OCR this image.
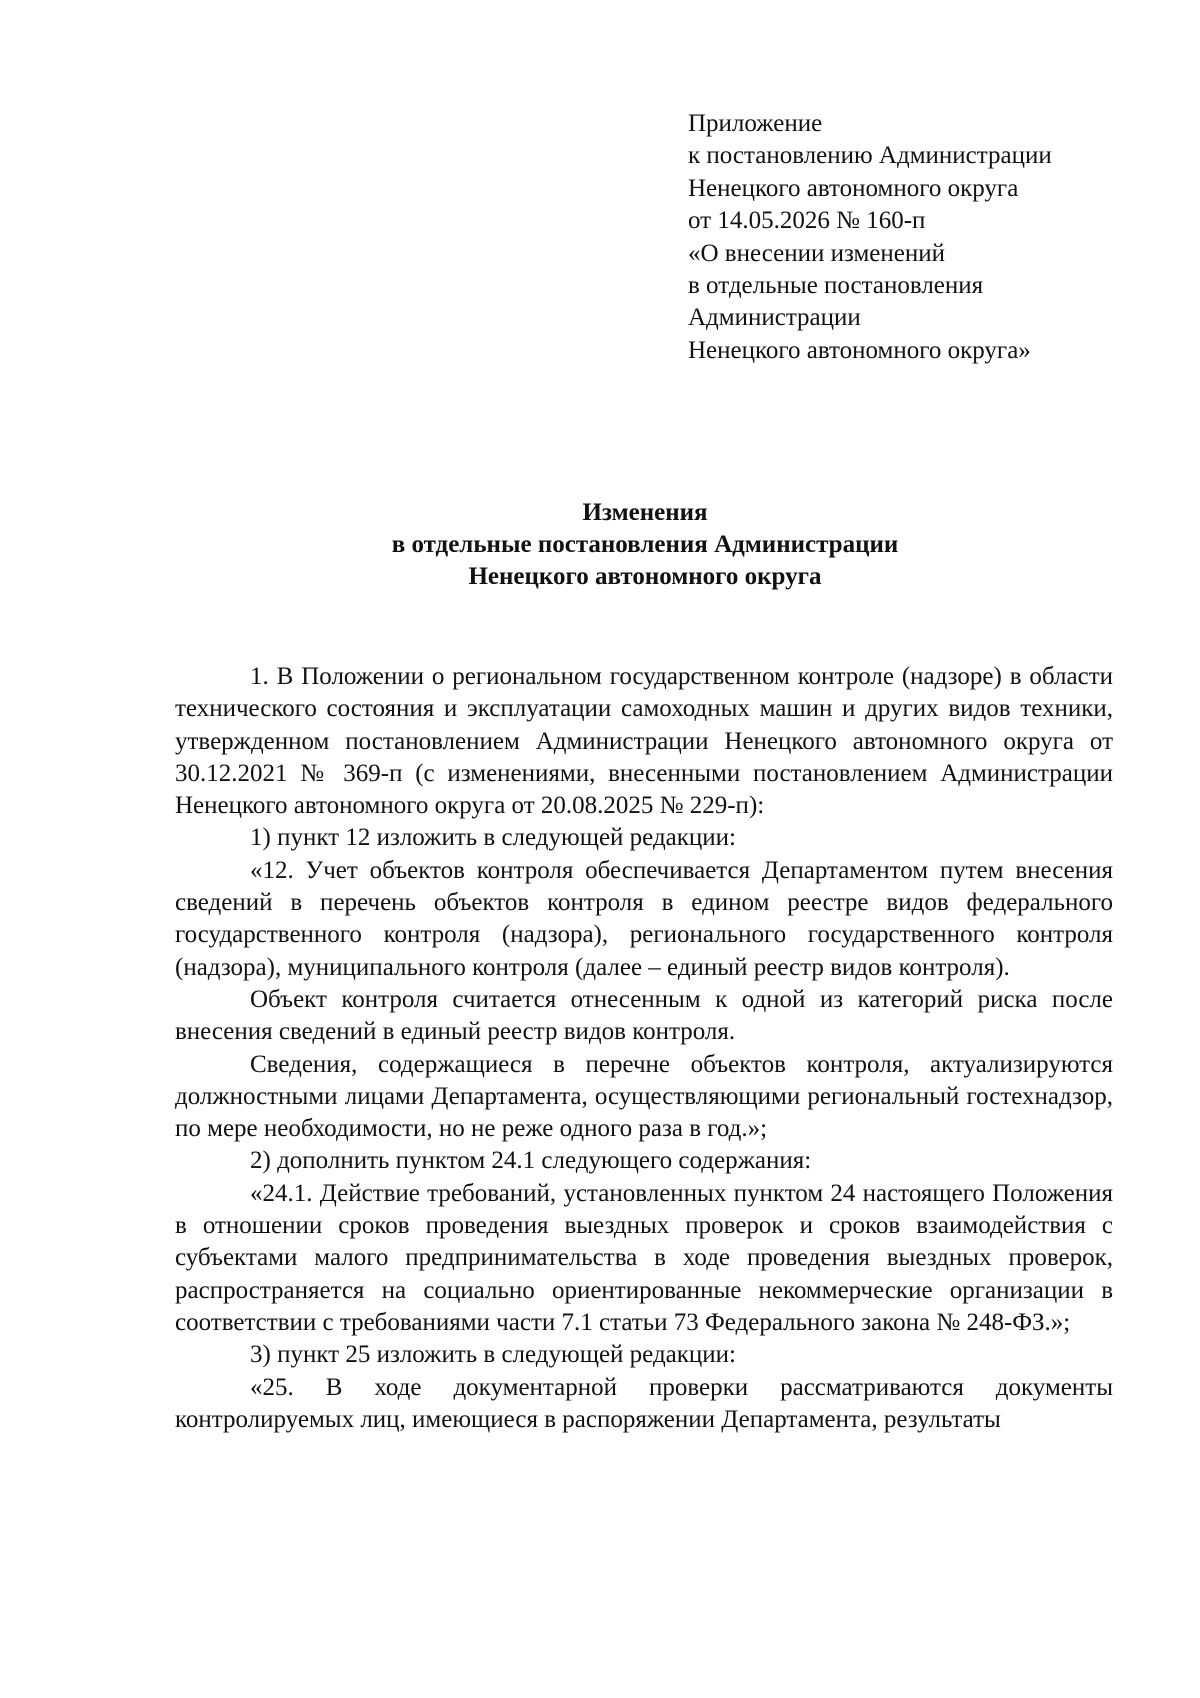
Приложение
к постановлению Администрации
Ненецкого автономного округа
от 14.05.2026 № 160-п
«О внесении изменений
в отдельные постановления
Администрации
Ненецкого автономного округа»
Изменения
в отдельные постановления Администрации
Ненецкого автономного округа

1. В Положении о региональном государственном контроле (надзоре) в области технического состояния и эксплуатации самоходных машин и других видов техники, утвержденном постановлением Администрации Ненецкого автономного округа от 30.12.2021 № 369-п (с изменениями, внесенными постановлением Администрации Ненецкого автономного округа от 20.08.2025 № 229-п):

1) пункт 12 изложить в следующей редакции:

«12. Учет объектов контроля обеспечивается Департаментом путем внесения сведений в перечень объектов контроля в едином реестре видов федерального государственного контроля (надзора), регионального государственного контроля (надзора), муниципального контроля (далее – единый реестр видов контроля).

Объект контроля считается отнесенным к одной из категорий риска после внесения сведений в единый реестр видов контроля.

Сведения, содержащиеся в перечне объектов контроля, актуализируются должностными лицами Департамента, осуществляющими региональный гостехнадзор, по мере необходимости, но не реже одного раза в год.»;

2) дополнить пунктом 24.1 следующего содержания:

«24.1. Действие требований, установленных пунктом 24 настоящего Положения в отношении сроков проведения выездных проверок и сроков взаимодействия с субъектами малого предпринимательства в ходе проведения выездных проверок, распространяется на социально ориентированные некоммерческие организации в соответствии с требованиями части 7.1 статьи 73 Федерального закона № 248-ФЗ.»;

3) пункт 25 изложить в следующей редакции:

«25. В ходе документарной проверки рассматриваются документы контролируемых лиц, имеющиеся в распоряжении Департамента, результаты
